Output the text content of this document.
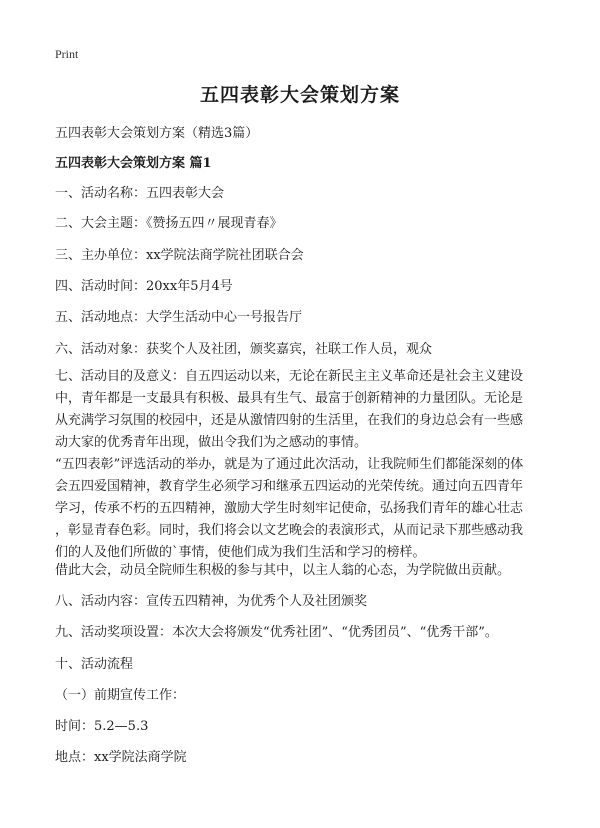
Print
五四表彰大会策划方案
五四表彰大会策划方案（精选3篇）
五四表彰大会策划方案 篇1
一、活动名称：五四表彰大会
二、大会主题：《赞扬五四〃展现青春》
三、主办单位：xx学院法商学院社团联合会
四、活动时间：20xx年5月4号
五、活动地点：大学生活动中心一号报告厅
六、活动对象：获奖个人及社团，颁奖嘉宾，社联工作人员，观众
七、活动目的及意义：自五四运动以来，无论在新民主主义革命还是社会主义建设
中，青年都是一支最具有积极、最具有生气、最富于创新精神的力量团队。无论是
从充满学习氛围的校园中，还是从激情四射的生活里，在我们的身边总会有一些感
动大家的优秀青年出现，做出令我们为之感动的事情。
“五四表彰”评选活动的举办，就是为了通过此次活动，让我院师生们都能深刻的体
会五四爱国精神，教育学生必须学习和继承五四运动的光荣传统。通过向五四青年
学习，传承不朽的五四精神，激励大学生时刻牢记使命，弘扬我们青年的雄心壮志
，彰显青春色彩。同时，我们将会以文艺晚会的表演形式，从而记录下那些感动我
们的人及他们所做的`事情，使他们成为我们生活和学习的榜样。
借此大会，动员全院师生积极的参与其中，以主人翁的心态，为学院做出贡献。
八、活动内容：宣传五四精神，为优秀个人及社团颁奖
九、活动奖项设置：本次大会将颁发“优秀社团”、“优秀团员”、“优秀干部”。
十、活动流程
（一）前期宣传工作：
时间：5.2—5.3
地点：xx学院法商学院
